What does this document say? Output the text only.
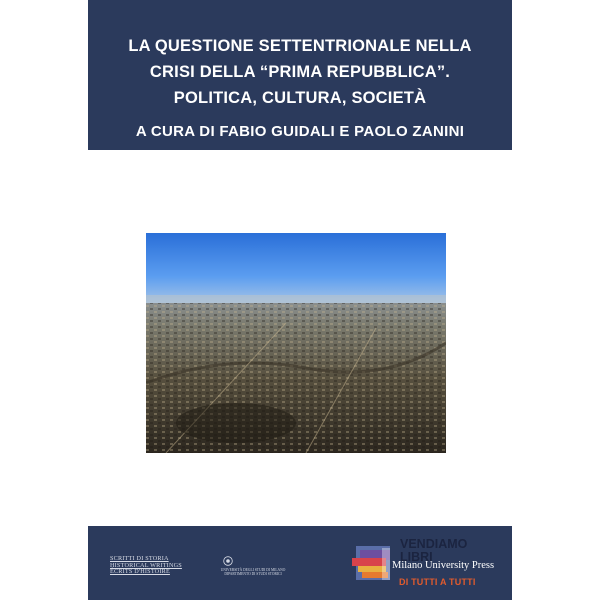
LA QUESTIONE SETTENTRIONALE NELLA
CRISI DELLA “PRIMA REPUBBLICA”.
POLITICA, CULTURA, SOCIETÀ
A CURA DI FABIO GUIDALI E PAOLO ZANINI
SCRITTI DI STORIA
HISTORICAL WRITINGS
ÉCRITS D'HISTOIRE	UNIVERSITÀ DEGLI STUDI DI MILANO
DIPARTIMENTO DI STUDI STORICI
VENDIAMO
LIBRI
Milano University Press
DI TUTTI A TUTTI
